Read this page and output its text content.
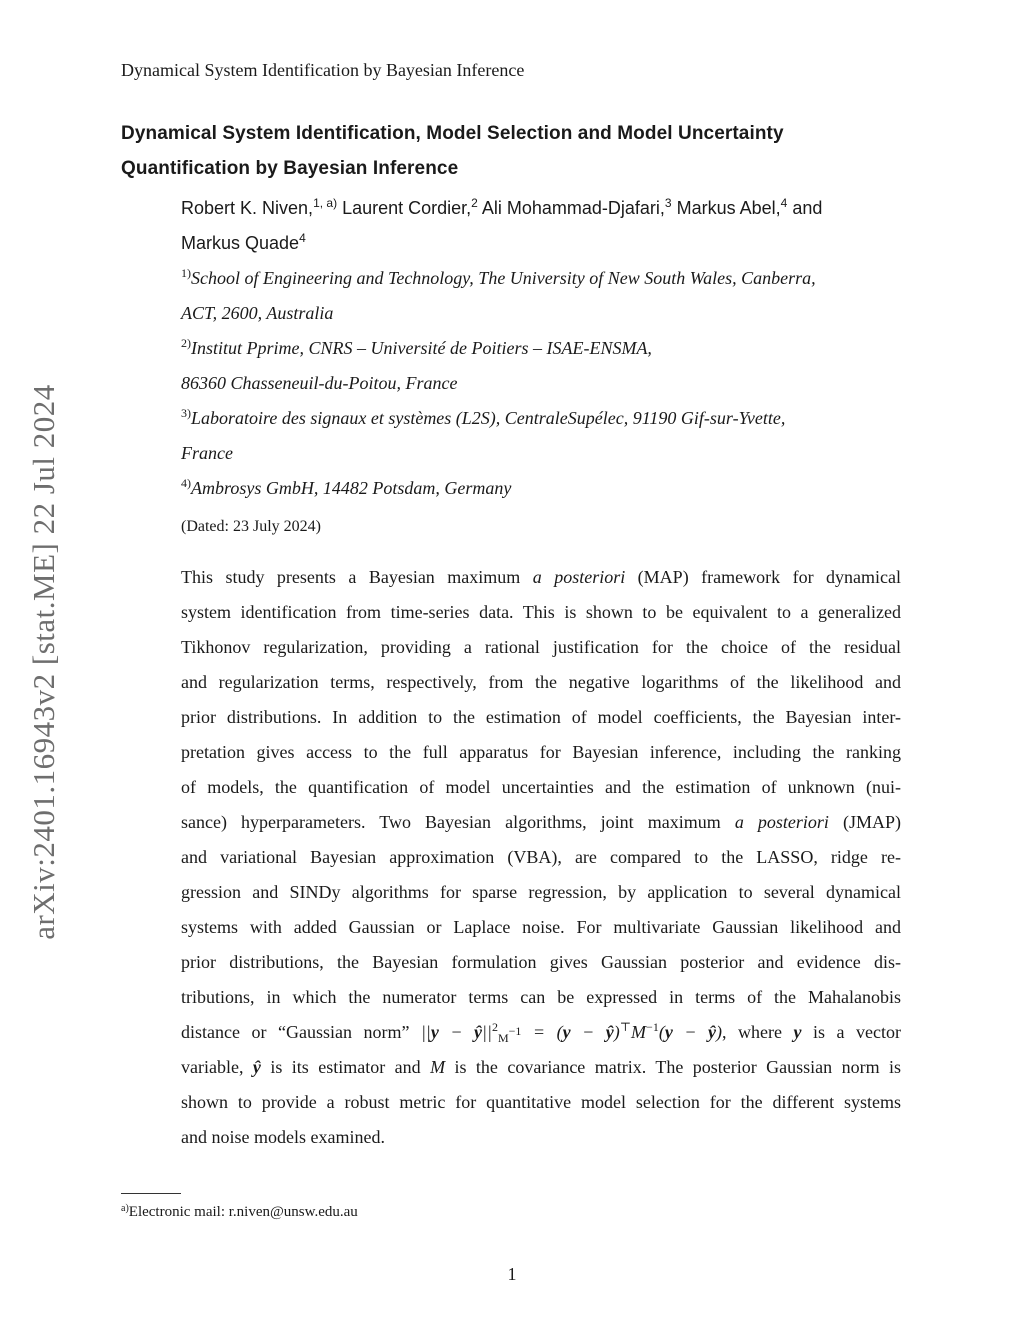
Dynamical System Identification by Bayesian Inference
Dynamical System Identification, Model Selection and Model Uncertainty Quantification by Bayesian Inference
Robert K. Niven,$^{1, a)}$ Laurent Cordier,$^2$ Ali Mohammad-Djafari,$^3$ Markus Abel,$^4$ and
Markus Quade$^4$
$^{1)}$School of Engineering and Technology, The University of New South Wales, Canberra,
ACT, 2600, Australia
$^{2)}$Institut Pprime, CNRS – Université de Poitiers – ISAE-ENSMA,
86360 Chasseneuil-du-Poitou, France
$^{3)}$Laboratoire des signaux et systèmes (L2S), CentraleSupélec, 91190 Gif-sur-Yvette,
France
$^{4)}$Ambrosys GmbH, 14482 Potsdam, Germany
(Dated: 23 July 2024)
This study presents a Bayesian maximum a posteriori (MAP) framework for dynamical
system identification from time-series data. This is shown to be equivalent to a generalized
Tikhonov regularization, providing a rational justification for the choice of the residual
and regularization terms, respectively, from the negative logarithms of the likelihood and
prior distributions. In addition to the estimation of model coefficients, the Bayesian inter-
pretation gives access to the full apparatus for Bayesian inference, including the ranking
of models, the quantification of model uncertainties and the estimation of unknown (nui-
sance) hyperparameters. Two Bayesian algorithms, joint maximum a posteriori (JMAP)
and variational Bayesian approximation (VBA), are compared to the LASSO, ridge re-
gression and SINDy algorithms for sparse regression, by application to several dynamical
systems with added Gaussian or Laplace noise. For multivariate Gaussian likelihood and
prior distributions, the Bayesian formulation gives Gaussian posterior and evidence dis-
tributions, in which the numerator terms can be expressed in terms of the Mahalanobis
distance or “Gaussian norm” $||y - ŷ||^2_{M^{-1}} = (y$ − $ŷ)^⊤M^{-1}(y$ − ŷ), where y is a vector
variable, ŷ is its estimator and M is the covariance matrix. The posterior Gaussian norm is
shown to provide a robust metric for quantitative model selection for the different systems
and noise models examined.
$^{a)}$Electronic mail: r.niven@unsw.edu.au
1
arXiv:2401.16943v2 [stat.ME] 22 Jul 2024
